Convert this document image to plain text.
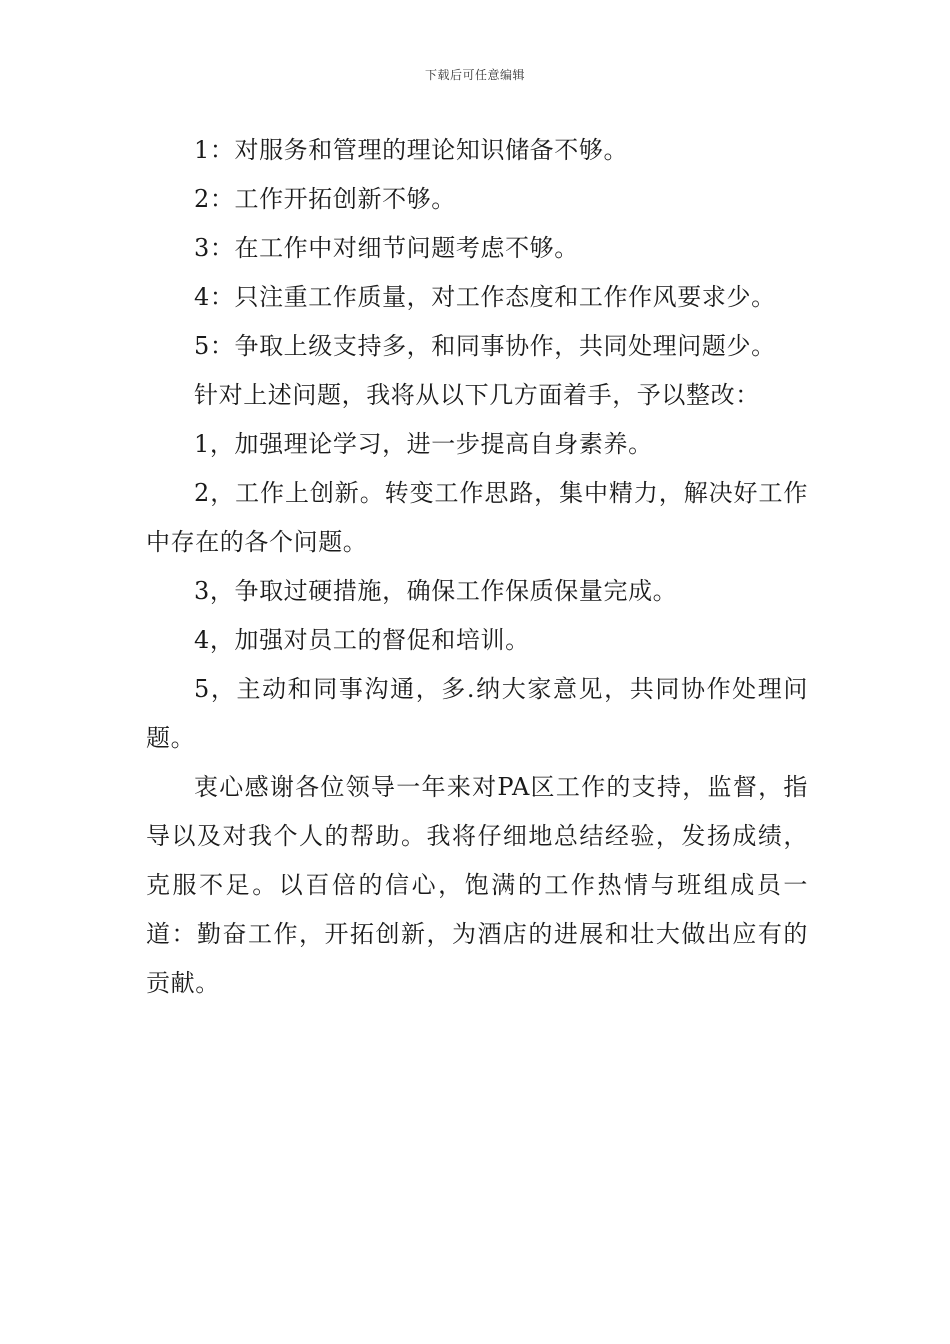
下载后可任意编辑

1：对服务和管理的理论知识储备不够。

2：工作开拓创新不够。

3：在工作中对细节问题考虑不够。

4：只注重工作质量，对工作态度和工作作风要求少。

5：争取上级支持多，和同事协作，共同处理问题少。

针对上述问题，我将从以下几方面着手，予以整改：

1，加强理论学习，进一步提高自身素养。

2，工作上创新。转变工作思路，集中精力，解决好工作中存在的各个问题。

3，争取过硬措施，确保工作保质保量完成。

4，加强对员工的督促和培训。

5，主动和同事沟通，多.纳大家意见，共同协作处理问题。

衷心感谢各位领导一年来对PA区工作的支持，监督，指导以及对我个人的帮助。我将仔细地总结经验，发扬成绩，克服不足。以百倍的信心，饱满的工作热情与班组成员一道：勤奋工作，开拓创新，为酒店的进展和壮大做出应有的贡献。
